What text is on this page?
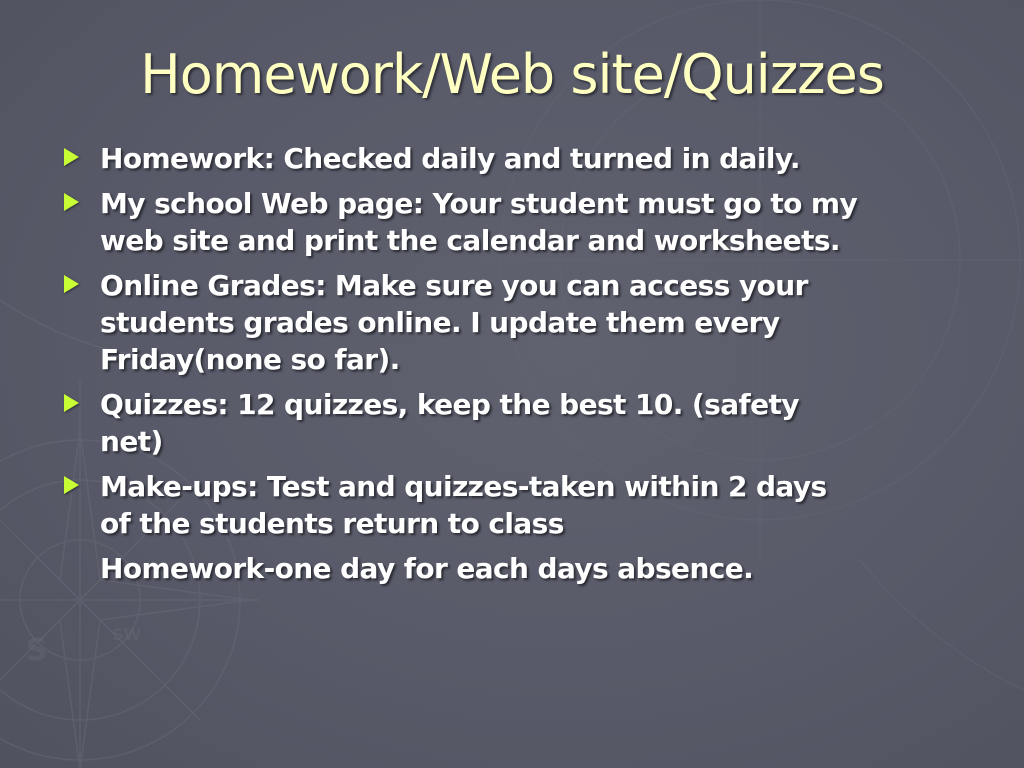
S	SW
Homework/Web site/Quizzes
Homework: Checked daily and turned in daily.
My school Web page: Your student must go to my
web site and print the calendar and worksheets.
Online Grades: Make sure you can access your
students grades online. I update them every
Friday(none so far).
Quizzes: 12 quizzes, keep the best 10. (safety
net)
Make-ups: Test and quizzes-taken within 2 days
of the students return to class
Homework-one day for each days absence.
